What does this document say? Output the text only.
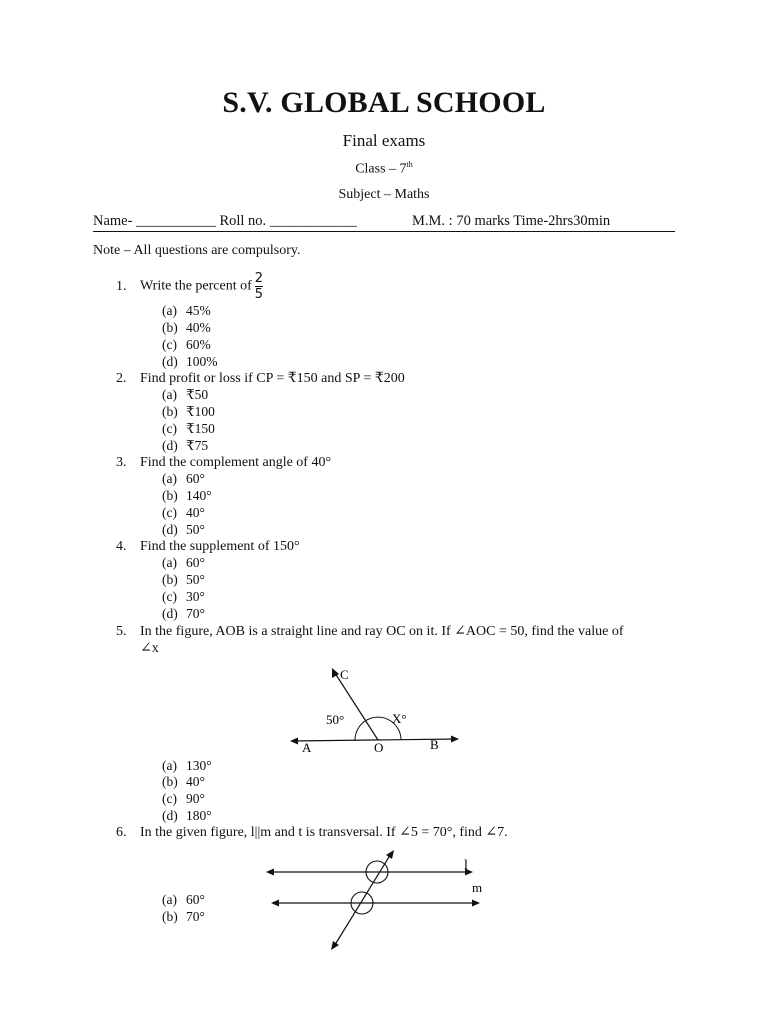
S.V. GLOBAL SCHOOL
Final exams
Class – 7th
Subject – Maths
Name- ___________ Roll no. ____________	M.M. : 70 marks Time-2hrs30min
Note – All questions are compulsory.
1. Write the percent of $\frac{2}{5}$
(a) 45%
(b) 40%
(c) 60%
(d) 100%
2. Find profit or loss if CP = ₹150 and SP = ₹200
(a) ₹50
(b) ₹100
(c) ₹150
(d) ₹75
3. Find the complement angle of 40°
(a) 60°
(b) 140°
(c) 40°
(d) 50°
4. Find the supplement of 150°
(a) 60°
(b) 50°
(c) 30°
(d) 70°
5. In the figure, AOB is a straight line and ray OC on it. If ∠AOC = 50, find the value of
∠x
C
50°	X°
A	O	B
(a) 130°
(b) 40°
(c) 90°
(d) 180°
6. In the given figure, l||m and t is transversal. If ∠5 = 70°, find ∠7.
l
m
(a) 60°
(b) 70°
